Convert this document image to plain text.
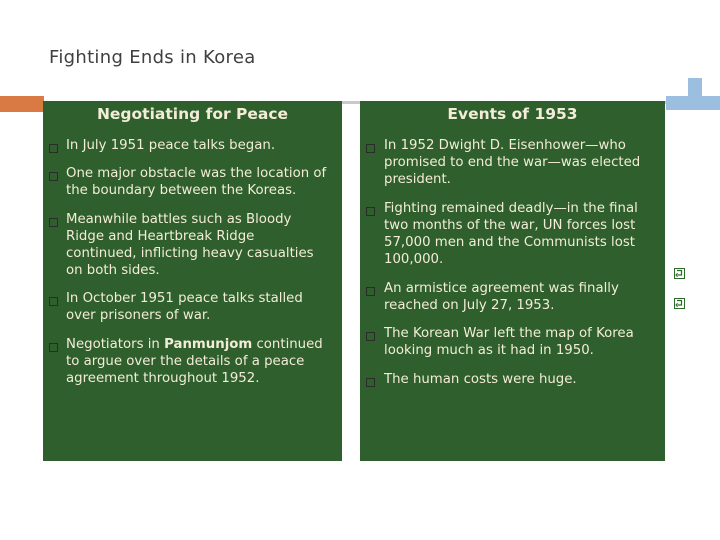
Fighting Ends in Korea
Negotiating for Peace
In July 1951 peace talks began.
One major obstacle was the location of the boundary between the Koreas.
Meanwhile battles such as Bloody Ridge and Heartbreak Ridge continued, inflicting heavy casualties on both sides.
In October 1951 peace talks stalled over prisoners of war.
Negotiators in Panmunjom continued to argue over the details of a peace agreement throughout 1952.
Events of 1953
In 1952 Dwight D. Eisenhower—who promised to end the war—was elected president.
Fighting remained deadly—in the final two months of the war, UN forces lost 57,000 men and the Communists lost 100,000.
An armistice agreement was finally reached on July 27, 1953.
The Korean War left the map of Korea looking much as it had in 1950.
The human costs were huge.
